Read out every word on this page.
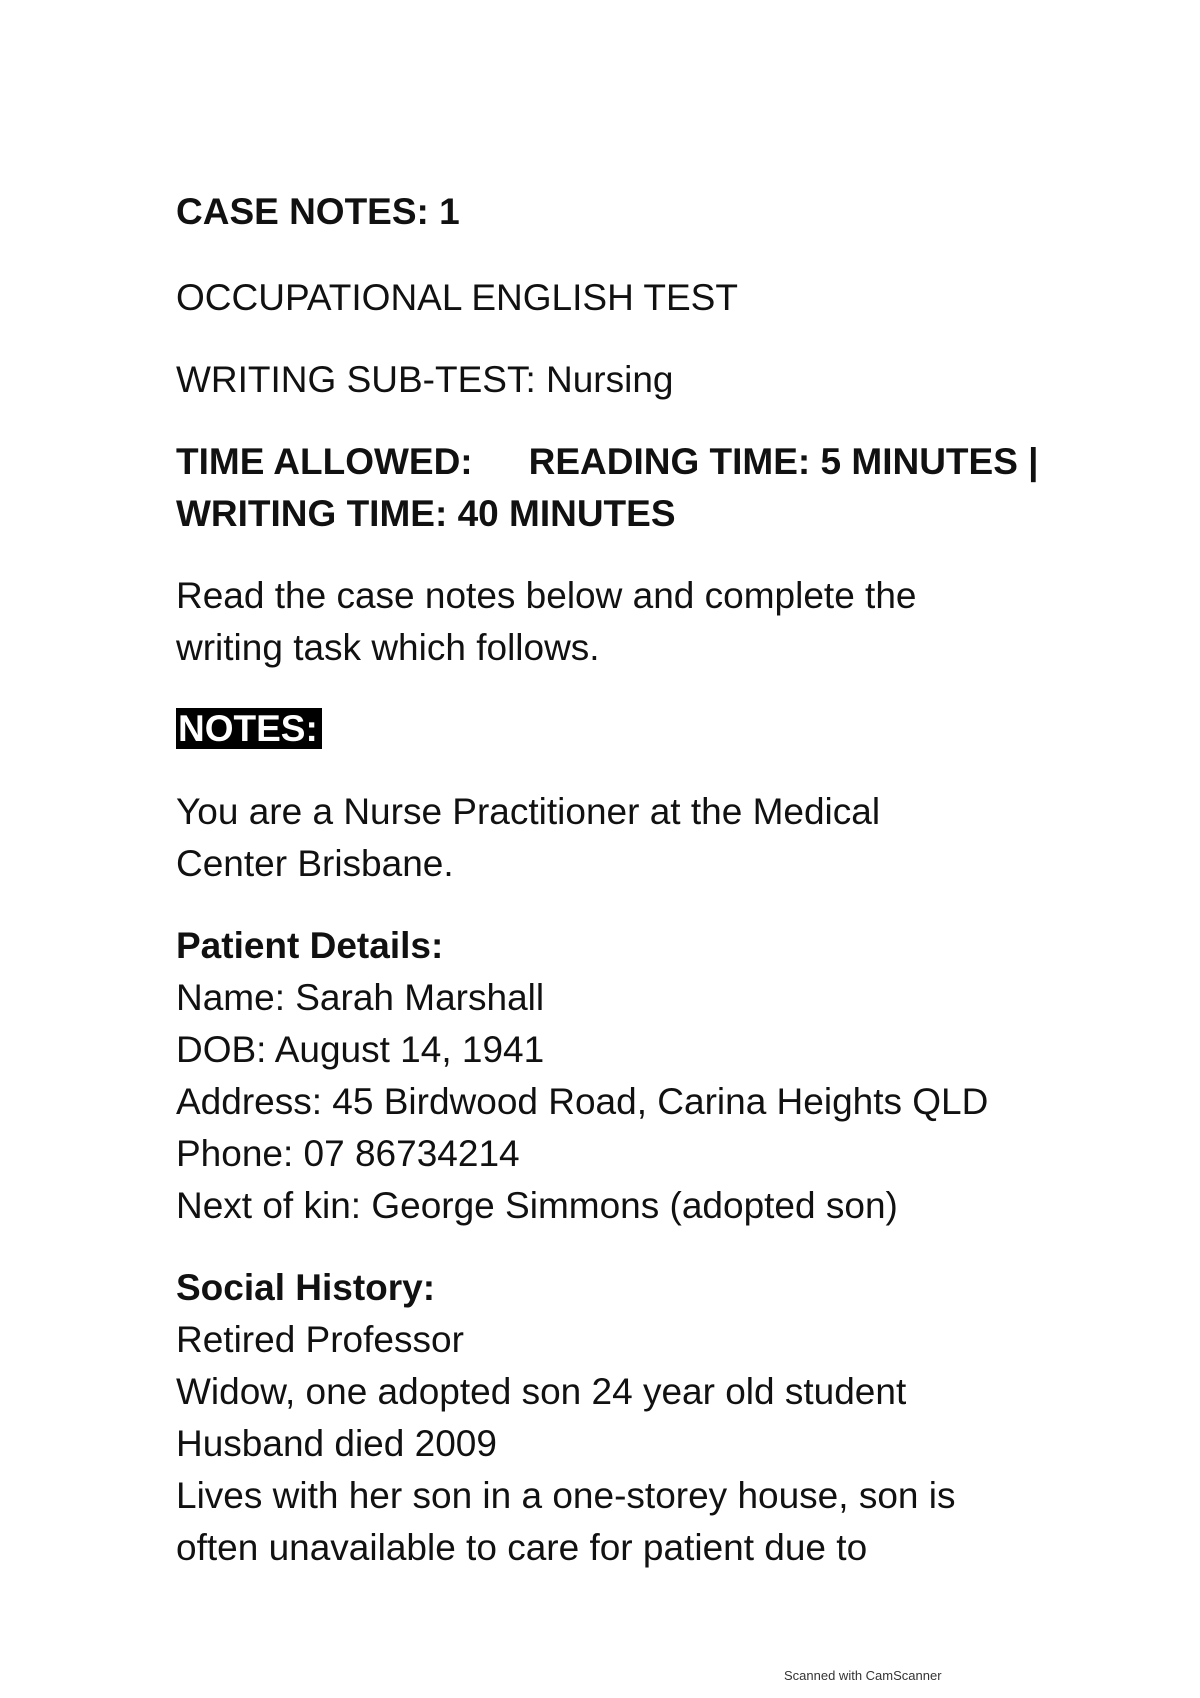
CASE NOTES: 1
OCCUPATIONAL ENGLISH TEST
WRITING SUB-TEST: Nursing
TIME ALLOWED: READING TIME: 5 MINUTES |
WRITING TIME: 40 MINUTES
Read the case notes below and complete the
writing task which follows.
NOTES:
You are a Nurse Practitioner at the Medical
Center Brisbane.
Patient Details:
Name: Sarah Marshall
DOB: August 14, 1941
Address: 45 Birdwood Road, Carina Heights QLD
Phone: 07 86734214
Next of kin: George Simmons (adopted son)
Social History:
Retired Professor
Widow, one adopted son 24 year old student
Husband died 2009
Lives with her son in a one-storey house, son is
often unavailable to care for patient due to
Scanned with CamScanner
